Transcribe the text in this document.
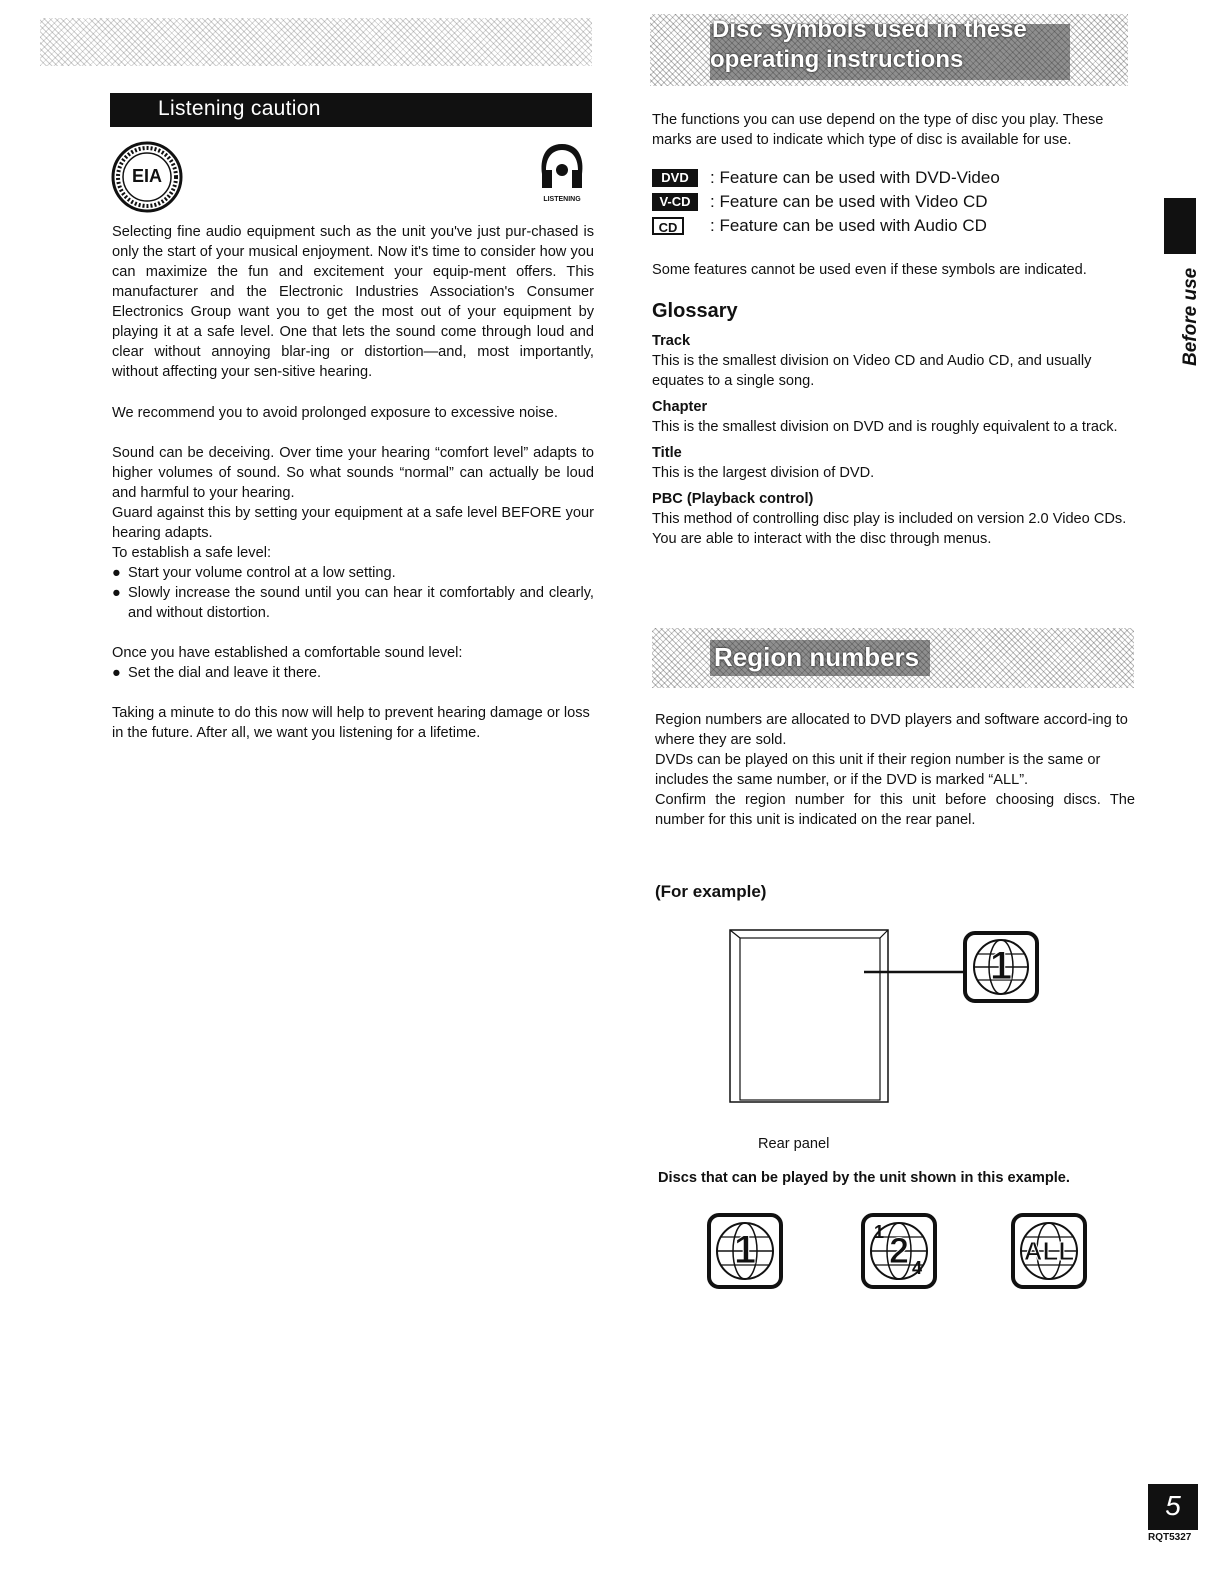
Listening caution
EIA
LISTENING

Selecting fine audio equipment such as the unit you've just pur-chased is only the start of your musical enjoyment. Now it's time to consider how you can maximize the fun and excitement your equip-ment offers. This manufacturer and the Electronic Industries Association's Consumer Electronics Group want you to get the most out of your equipment by playing it at a safe level. One that lets the sound come through loud and clear without annoying blar-ing or distortion—and, most importantly, without affecting your sen-sitive hearing.

We recommend you to avoid prolonged exposure to excessive noise.

Sound can be deceiving. Over time your hearing “comfort level” adapts to higher volumes of sound. So what sounds “normal” can actually be loud and harmful to your hearing.

Guard against this by setting your equipment at a safe level BEFORE your hearing adapts.

To establish a safe level:

● Start your volume control at a low setting.
● Slowly increase the sound until you can hear it comfortably and clearly, and without distortion.

Once you have established a comfortable sound level:

● Set the dial and leave it there.

Taking a minute to do this now will help to prevent hearing damage or loss in the future. After all, we want you listening for a lifetime.

Disc symbols used in these
operating instructions

The functions you can use depend on the type of disc you play. These marks are used to indicate which type of disc is available for use.

DVD	: Feature can be used with DVD-Video
V-CD	: Feature can be used with Video CD
CD	: Feature can be used with Audio CD

Some features cannot be used even if these symbols are indicated.

Glossary

Track

This is the smallest division on Video CD and Audio CD, and usually equates to a single song.

Chapter

This is the smallest division on DVD and is roughly equivalent to a track.

Title

This is the largest division of DVD.

PBC (Playback control)

This method of controlling disc play is included on version 2.0 Video CDs. You are able to interact with the disc through menus.

Region numbers

Region numbers are allocated to DVD players and software accord-ing to where they are sold.

DVDs can be played on this unit if their region number is the same or includes the same number, or if the DVD is marked “ALL”.

Confirm the region number for this unit before choosing discs. The number for this unit is indicated on the rear panel.

(For example)
1
Rear panel
Discs that can be played by the unit shown in this example.
1	1 2 4
ALL
Before use
5
RQT5327
